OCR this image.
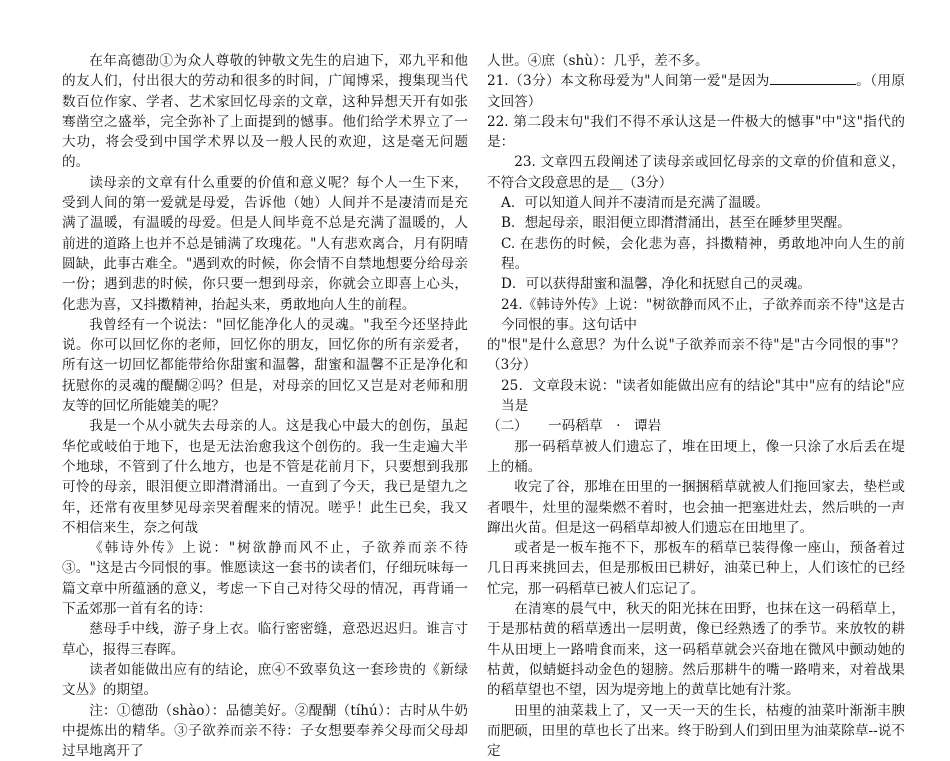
在年高德劭①为众人尊敬的钟敬文先生的启迪下，邓九平和他的友人们，付出很大的劳动和很多的时间，广闻博采，搜集现当代数百位作家、学者、艺术家回忆母亲的文章，这种异想天开有如张骞凿空之盛举，完全弥补了上面提到的憾事。他们给学术界立了一大功，将会受到中国学术界以及一般人民的欢迎，这是毫无问题的。

读母亲的文章有什么重要的价值和意义呢？每个人一生下来，受到人间的第一爱就是母爱，告诉他（她）人间并不是凄清而是充满了温暖，有温暖的母爱。但是人间毕竟不总是充满了温暖的，人前进的道路上也并不总是铺满了玫瑰花。"人有悲欢离合，月有阴晴圆缺，此事古难全。"遇到欢的时候，你会情不自禁地想要分给母亲一份；遇到悲的时候，你只要一想到母亲，你就会立即喜上心头，化悲为喜，又抖擞精神，抬起头来，勇敢地向人生的前程。

我曾经有一个说法："回忆能净化人的灵魂。"我至今还坚持此说。你可以回忆你的老师，回忆你的朋友，回忆你的所有亲爱者，所有这一切回忆都能带给你甜蜜和温馨，甜蜜和温馨不正是净化和抚慰你的灵魂的醍醐②吗？但是，对母亲的回忆又岂是对老师和朋友等的回忆所能媲美的呢？

我是一个从小就失去母亲的人。这是我心中最大的创伤，虽起华佗或岐伯于地下，也是无法治愈我这个创伤的。我一生走遍大半个地球，不管到了什么地方，也是不管是花前月下，只要想到我那可怜的母亲，眼泪便立即潸潸涌出。一直到了今天，我已是望九之年，还常有夜里梦见母亲哭着醒来的情况。嗟乎！此生已矣，我又不相信来生，奈之何哉

《韩诗外传》上说："树欲静而风不止，子欲养而亲不待③。"这是古今同恨的事。惟愿读这一套书的读者们，仔细玩味每一篇文章中所蕴涵的意义，考虑一下自己对待父母的情况，再背诵一下孟郊那一首有名的诗：

慈母手中线，游子身上衣。临行密密缝，意恐迟迟归。谁言寸草心，报得三春晖。

读者如能做出应有的结论，庶④不致辜负这一套珍贵的《新绿文丛》的期望。

注：①德劭（shào）：品德美好。②醍醐（tíhú）：古时从牛奶中提炼出的精华。③子欲养而亲不待：子女想要奉养父母而父母却过早地离开了

人世。④庶（shù）：几乎，差不多。

21.（3分）本文称母爱为"人间第一爱"是因为	。（用原文回答）

22. 第二段末句"我们不得不承认这是一件极大的憾事"中"这"指代的是：

23. 文章四五段阐述了读母亲或回忆母亲的文章的价值和意义，不符合文段意思的是__（3分）

A．可以知道人间并不凄清而是充满了温暖。

B．想起母亲，眼泪便立即潸潸涌出，甚至在睡梦里哭醒。

C. 在悲伤的时候，会化悲为喜，抖擞精神，勇敢地冲向人生的前程。

D．可以获得甜蜜和温馨，净化和抚慰自己的灵魂。

24.《韩诗外传》上说："树欲静而风不止，子欲养而亲不待"这是古今同恨的事。这句话中

的"恨"是什么意思？为什么说"子欲养而亲不待"是"古今同恨的事"？（3分）

25．文章段末说："读者如能做出应有的结论"其中"应有的结论"应当是

（二）　　一码稻草　·　谭岩

那一码稻草被人们遗忘了，堆在田埂上，像一只涂了水后丢在堤上的桶。

收完了谷，那堆在田里的一捆捆稻草就被人们拖回家去，垫栏或者喂牛，灶里的湿柴燃不着时，也会抽一把塞进灶去，然后哄的一声蹿出火苗。但是这一码稻草却被人们遗忘在田地里了。

或者是一板车拖不下，那板车的稻草已装得像一座山，预备着过几日再来挑回去，但是那板田已耕好，油菜已种上，人们该忙的已经忙完，那一码稻草已被人们忘记了。

在清寒的晨气中，秋天的阳光抹在田野，也抹在这一码稻草上，于是那枯黄的稻草透出一层明黄，像已经熟透了的季节。来放牧的耕牛从田埂上一路啃食而来，这一码稻草就会兴奋地在微风中颤动她的枯黄，似蜻蜓抖动金色的翅膀。然后那耕牛的嘴一路啃来，对着战果的稻草望也不望，因为堤旁地上的黄草比她有汁浆。

田里的油菜栽上了，又一天一天的生长，枯瘦的油菜叶渐渐丰腴而肥硕，田里的草也长了出来。终于盼到人们到田里为油菜除草--说不定
